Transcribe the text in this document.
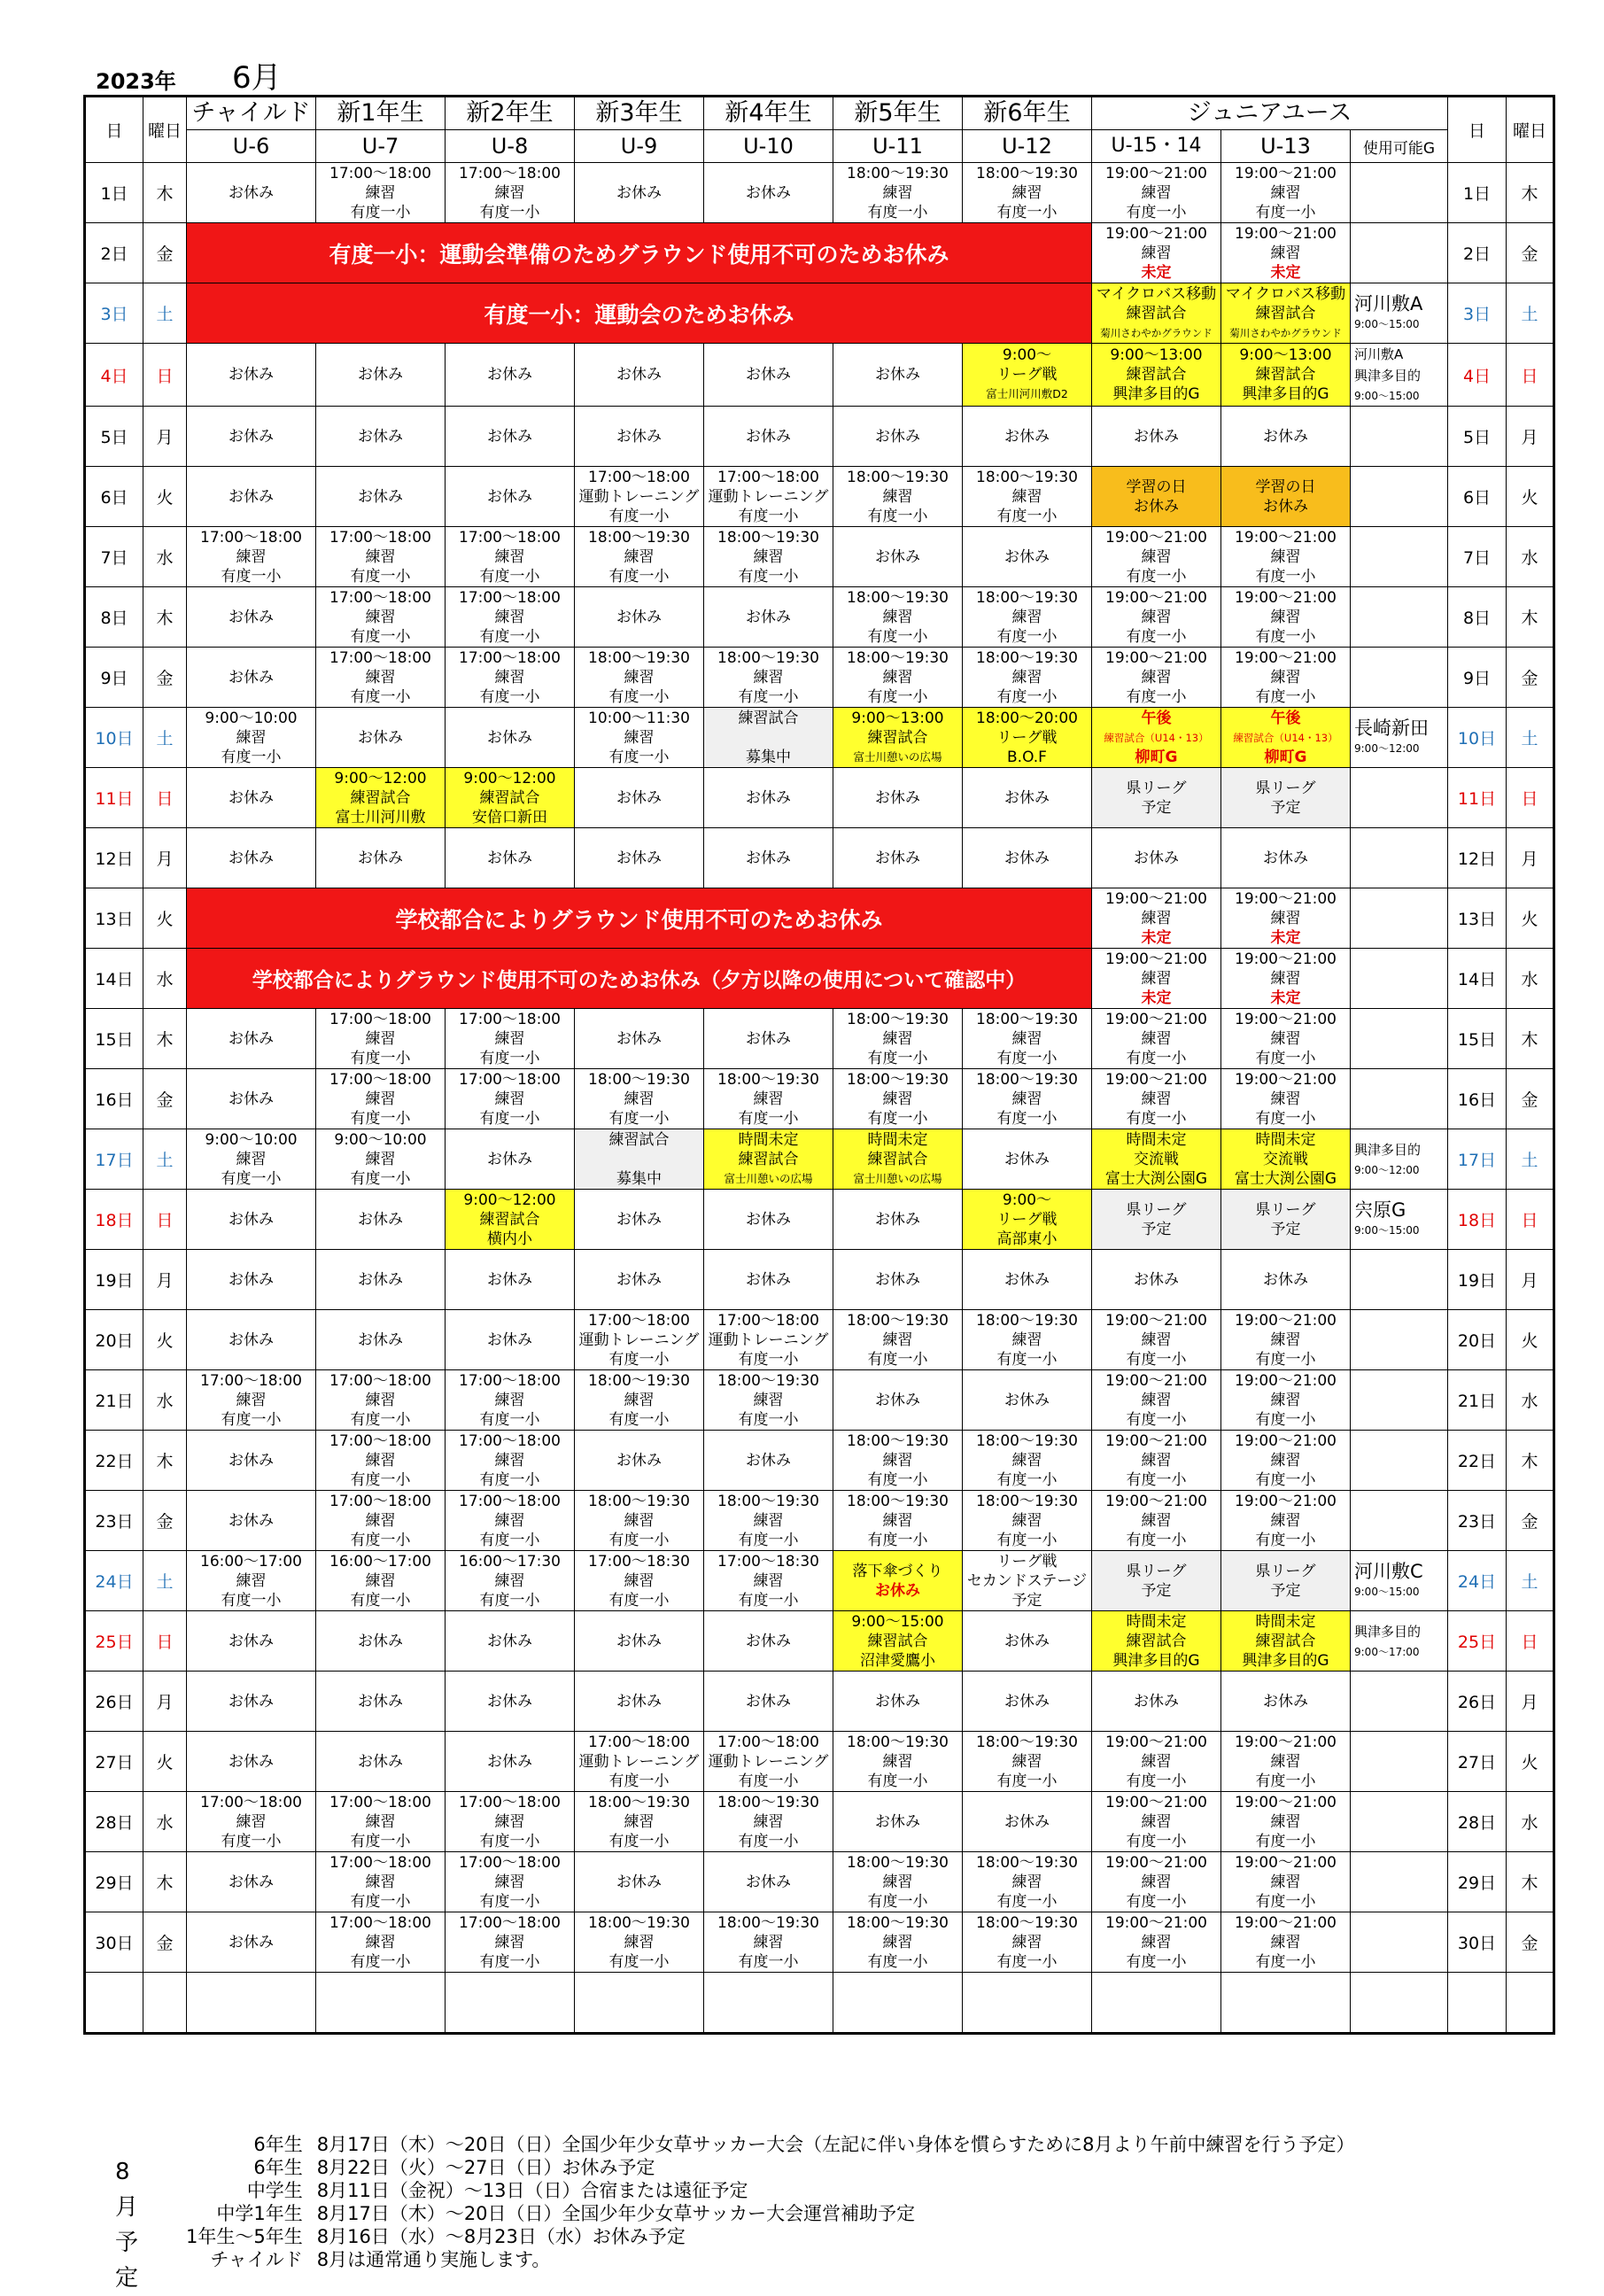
2023年 6月
日	曜日	チャイルド	新1年生	新2年生	新3年生	新4年生	新5年生	新6年生	ジュニアユース			日	曜日
		U-6	U-7	U-8	U-9	U-10	U-11	U-12	U-15・14	U-13	使用可能G		
1日	木	お休み	17:00～18:00
練習
有度一小	17:00～18:00
練習
有度一小	お休み	お休み	18:00～19:30
練習
有度一小	18:00～19:30
練習
有度一小	19:00～21:00
練習
有度一小	19:00～21:00
練習
有度一小		1日	木
2日	金	有度一小：運動会準備のためグラウンド使用不可のためお休み							19:00～21:00
練習
未定	19:00～21:00
練習
未定		2日	金
3日	土	有度一小：運動会のためお休み							マイクロバス移動
練習試合
菊川さわやかグラウンド	マイクロバス移動
練習試合
菊川さわやかグラウンド	河川敷A
9:00～15:00	3日	土
4日	日	お休み	お休み	お休み	お休み	お休み	お休み	9:00～
リーグ戦
富士川河川敷D2	9:00～13:00
練習試合
興津多目的G	9:00～13:00
練習試合
興津多目的G	河川敷A
興津多目的
9:00～15:00	4日	日
5日	月	お休み	お休み	お休み	お休み	お休み	お休み	お休み	お休み	お休み		5日	月
6日	火	お休み	お休み	お休み	17:00～18:00
運動トレーニング
有度一小	17:00～18:00
運動トレーニング
有度一小	18:00～19:30
練習
有度一小	18:00～19:30
練習
有度一小	学習の日
お休み	学習の日
お休み		6日	火
7日	水	17:00～18:00
練習
有度一小	17:00～18:00
練習
有度一小	17:00～18:00
練習
有度一小	18:00～19:30
練習
有度一小	18:00～19:30
練習
有度一小	お休み	お休み	19:00～21:00
練習
有度一小	19:00～21:00
練習
有度一小		7日	水
8日	木	お休み	17:00～18:00
練習
有度一小	17:00～18:00
練習
有度一小	お休み	お休み	18:00～19:30
練習
有度一小	18:00～19:30
練習
有度一小	19:00～21:00
練習
有度一小	19:00～21:00
練習
有度一小		8日	木
9日	金	お休み	17:00～18:00
練習
有度一小	17:00～18:00
練習
有度一小	18:00～19:30
練習
有度一小	18:00～19:30
練習
有度一小	18:00～19:30
練習
有度一小	18:00～19:30
練習
有度一小	19:00～21:00
練習
有度一小	19:00～21:00
練習
有度一小		9日	金
10日	土	9:00～10:00
練習
有度一小	お休み	お休み	10:00～11:30
練習
有度一小	練習試合

募集中	9:00～13:00
練習試合
富士川憩いの広場	18:00～20:00
リーグ戦
B.O.F	午後
練習試合（U14・13）
柳町G	午後
練習試合（U14・13）
柳町G	長崎新田
9:00～12:00	10日	土
11日	日	お休み	9:00～12:00
練習試合
富士川河川敷	9:00～12:00
練習試合
安倍口新田	お休み	お休み	お休み	お休み	県リーグ
予定	県リーグ
予定		11日	日
12日	月	お休み	お休み	お休み	お休み	お休み	お休み	お休み	お休み	お休み		12日	月
13日	火	学校都合によりグラウンド使用不可のためお休み							19:00～21:00
練習
未定	19:00～21:00
練習
未定		13日	火
14日	水	学校都合によりグラウンド使用不可のためお休み（夕方以降の使用について確認中）							19:00～21:00
練習
未定	19:00～21:00
練習
未定		14日	水
15日	木	お休み	17:00～18:00
練習
有度一小	17:00～18:00
練習
有度一小	お休み	お休み	18:00～19:30
練習
有度一小	18:00～19:30
練習
有度一小	19:00～21:00
練習
有度一小	19:00～21:00
練習
有度一小		15日	木
16日	金	お休み	17:00～18:00
練習
有度一小	17:00～18:00
練習
有度一小	18:00～19:30
練習
有度一小	18:00～19:30
練習
有度一小	18:00～19:30
練習
有度一小	18:00～19:30
練習
有度一小	19:00～21:00
練習
有度一小	19:00～21:00
練習
有度一小		16日	金
17日	土	9:00～10:00
練習
有度一小	9:00～10:00
練習
有度一小	お休み	練習試合

募集中	時間未定
練習試合
富士川憩いの広場	時間未定
練習試合
富士川憩いの広場	お休み	時間未定
交流戦
富士大渕公園G	時間未定
交流戦
富士大渕公園G	興津多目的
9:00～12:00	17日	土
18日	日	お休み	お休み	9:00～12:00
練習試合
横内小	お休み	お休み	お休み	9:00～
リーグ戦
高部東小	県リーグ
予定	県リーグ
予定	宍原G
9:00～15:00	18日	日
19日	月	お休み	お休み	お休み	お休み	お休み	お休み	お休み	お休み	お休み		19日	月
20日	火	お休み	お休み	お休み	17:00～18:00
運動トレーニング
有度一小	17:00～18:00
運動トレーニング
有度一小	18:00～19:30
練習
有度一小	18:00～19:30
練習
有度一小	19:00～21:00
練習
有度一小	19:00～21:00
練習
有度一小		20日	火
21日	水	17:00～18:00
練習
有度一小	17:00～18:00
練習
有度一小	17:00～18:00
練習
有度一小	18:00～19:30
練習
有度一小	18:00～19:30
練習
有度一小	お休み	お休み	19:00～21:00
練習
有度一小	19:00～21:00
練習
有度一小		21日	水
22日	木	お休み	17:00～18:00
練習
有度一小	17:00～18:00
練習
有度一小	お休み	お休み	18:00～19:30
練習
有度一小	18:00～19:30
練習
有度一小	19:00～21:00
練習
有度一小	19:00～21:00
練習
有度一小		22日	木
23日	金	お休み	17:00～18:00
練習
有度一小	17:00～18:00
練習
有度一小	18:00～19:30
練習
有度一小	18:00～19:30
練習
有度一小	18:00～19:30
練習
有度一小	18:00～19:30
練習
有度一小	19:00～21:00
練習
有度一小	19:00～21:00
練習
有度一小		23日	金
24日	土	16:00～17:00
練習
有度一小	16:00～17:00
練習
有度一小	16:00～17:30
練習
有度一小	17:00～18:30
練習
有度一小	17:00～18:30
練習
有度一小	落下傘づくり
お休み	リーグ戦
セカンドステージ
予定	県リーグ
予定	県リーグ
予定	河川敷C
9:00～15:00	24日	土
25日	日	お休み	お休み	お休み	お休み	お休み	9:00～15:00
練習試合
沼津愛鷹小	お休み	時間未定
練習試合
興津多目的G	時間未定
練習試合
興津多目的G	興津多目的
9:00～17:00	25日	日
26日	月	お休み	お休み	お休み	お休み	お休み	お休み	お休み	お休み	お休み		26日	月
27日	火	お休み	お休み	お休み	17:00～18:00
運動トレーニング
有度一小	17:00～18:00
運動トレーニング
有度一小	18:00～19:30
練習
有度一小	18:00～19:30
練習
有度一小	19:00～21:00
練習
有度一小	19:00～21:00
練習
有度一小		27日	火
28日	水	17:00～18:00
練習
有度一小	17:00～18:00
練習
有度一小	17:00～18:00
練習
有度一小	18:00～19:30
練習
有度一小	18:00～19:30
練習
有度一小	お休み	お休み	19:00～21:00
練習
有度一小	19:00～21:00
練習
有度一小		28日	水
29日	木	お休み	17:00～18:00
練習
有度一小	17:00～18:00
練習
有度一小	お休み	お休み	18:00～19:30
練習
有度一小	18:00～19:30
練習
有度一小	19:00～21:00
練習
有度一小	19:00～21:00
練習
有度一小		29日	木
30日	金	お休み	17:00～18:00
練習
有度一小	17:00～18:00
練習
有度一小	18:00～19:30
練習
有度一小	18:00～19:30
練習
有度一小	18:00～19:30
練習
有度一小	18:00～19:30
練習
有度一小	19:00～21:00
練習
有度一小	19:00～21:00
練習
有度一小		30日	金

8月
予定
6年生	8月17日（木）～20日（日）全国少年少女草サッカー大会（左記に伴い身体を慣らすために8月より午前中練習を行う予定）
6年生	8月22日（火）～27日（日）お休み予定
中学生	8月11日（金祝）～13日（日）合宿または遠征予定
中学1年生	8月17日（木）～20日（日）全国少年少女草サッカー大会運営補助予定
1年生～5年生	8月16日（水）～8月23日（水）お休み予定
チャイルド	8月は通常通り実施します。
